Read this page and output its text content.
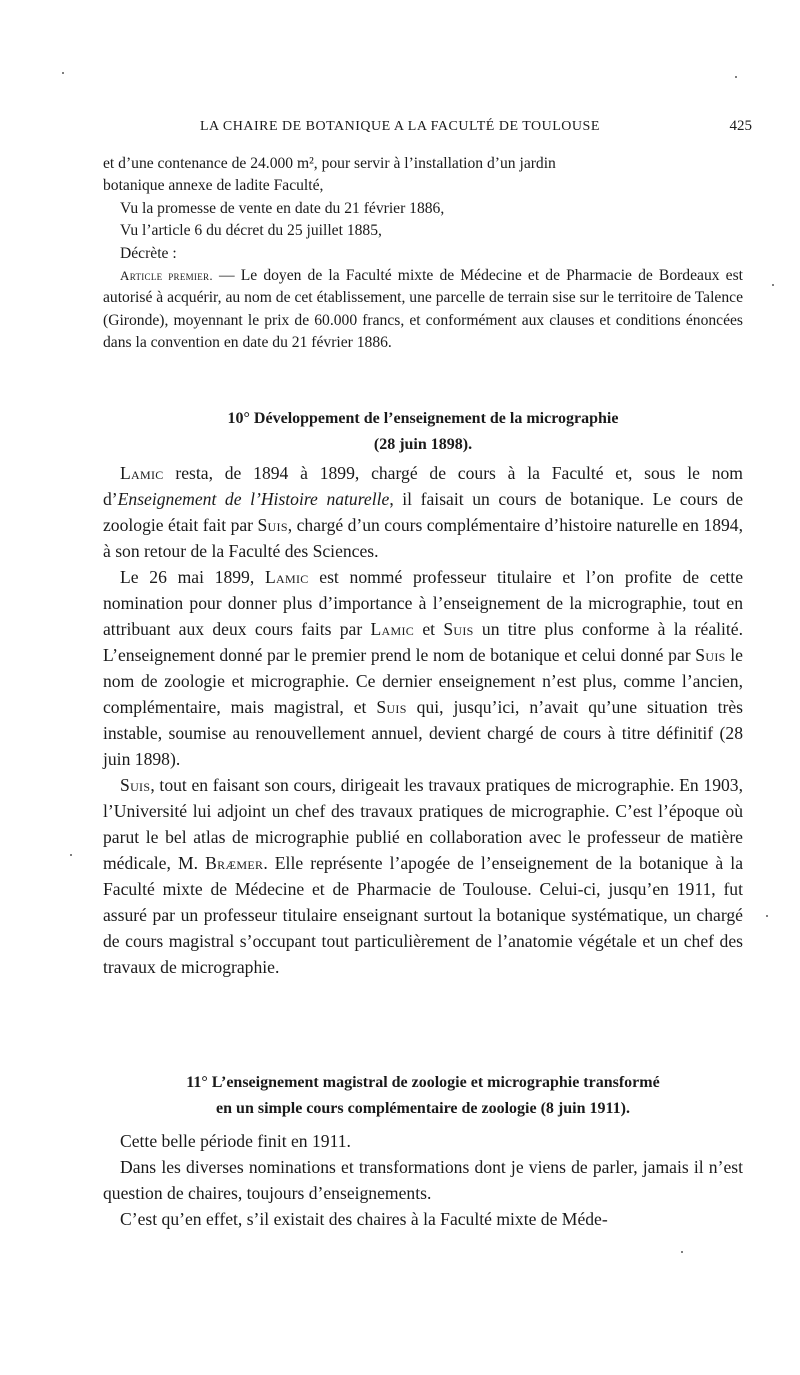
LA CHAIRE DE BOTANIQUE A LA FACULTÉ DE TOULOUSE	425

et d’une contenance de 24.000 m², pour servir à l’installation d’un jardin

botanique annexe de ladite Faculté,

Vu la promesse de vente en date du 21 février 1886,

Vu l’article 6 du décret du 25 juillet 1885,

Décrète :

Article premier. — Le doyen de la Faculté mixte de Médecine et de Pharmacie de Bordeaux est autorisé à acquérir, au nom de cet établissement, une parcelle de terrain sise sur le territoire de Talence (Gironde), moyennant le prix de 60.000 francs, et conformément aux clauses et conditions énoncées dans la convention en date du 21 février 1886.

10° Développement de l’enseignement de la micrographie

(28 juin 1898).

Lamic resta, de 1894 à 1899, chargé de cours à la Faculté et, sous le nom d’Enseignement de l’Histoire naturelle, il faisait un cours de botanique. Le cours de zoologie était fait par Suis, chargé d’un cours complémentaire d’histoire naturelle en 1894, à son retour de la Faculté des Sciences.

Le 26 mai 1899, Lamic est nommé professeur titulaire et l’on profite de cette nomination pour donner plus d’importance à l’enseignement de la micrographie, tout en attribuant aux deux cours faits par Lamic et Suis un titre plus conforme à la réalité. L’enseignement donné par le premier prend le nom de botanique et celui donné par Suis le nom de zoologie et micrographie. Ce dernier enseignement n’est plus, comme l’ancien, complémentaire, mais magistral, et Suis qui, jusqu’ici, n’avait qu’une situation très instable, soumise au renouvellement annuel, devient chargé de cours à titre définitif (28 juin 1898).

Suis, tout en faisant son cours, dirigeait les travaux pratiques de micrographie. En 1903, l’Université lui adjoint un chef des travaux pratiques de micrographie. C’est l’époque où parut le bel atlas de micrographie publié en collaboration avec le professeur de matière médicale, M. Bræmer. Elle représente l’apogée de l’enseignement de la botanique à la Faculté mixte de Médecine et de Pharmacie de Toulouse. Celui-ci, jusqu’en 1911, fut assuré par un professeur titulaire enseignant surtout la botanique systématique, un chargé de cours magistral s’occupant tout particulièrement de l’anatomie végétale et un chef des travaux de micrographie.

11° L’enseignement magistral de zoologie et micrographie transformé

en un simple cours complémentaire de zoologie (8 juin 1911).

Cette belle période finit en 1911.

Dans les diverses nominations et transformations dont je viens de parler, jamais il n’est question de chaires, toujours d’enseignements.

C’est qu’en effet, s’il existait des chaires à la Faculté mixte de Méde-
